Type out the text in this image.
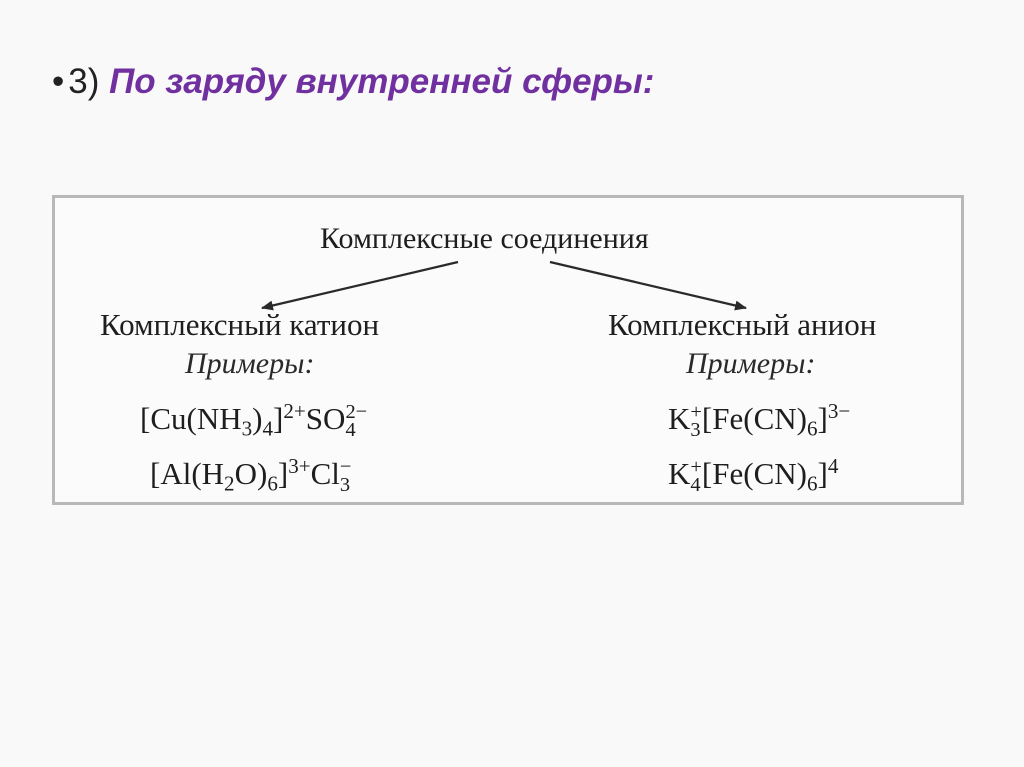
• 3) По заряду внутренней сферы:
Комплексные соединения
Комплексный катион
Примеры:
$[Cu(NH_3)_4]^{2+}SO$ 2−
4
$[Al(H_2O)_6]^{3+}Cl$ −
3
Комплексный анион
Примеры:
K +
3 $[Fe(CN)_6]^{3-}$
K +
4 $[Fe(CN)_6]^4$
